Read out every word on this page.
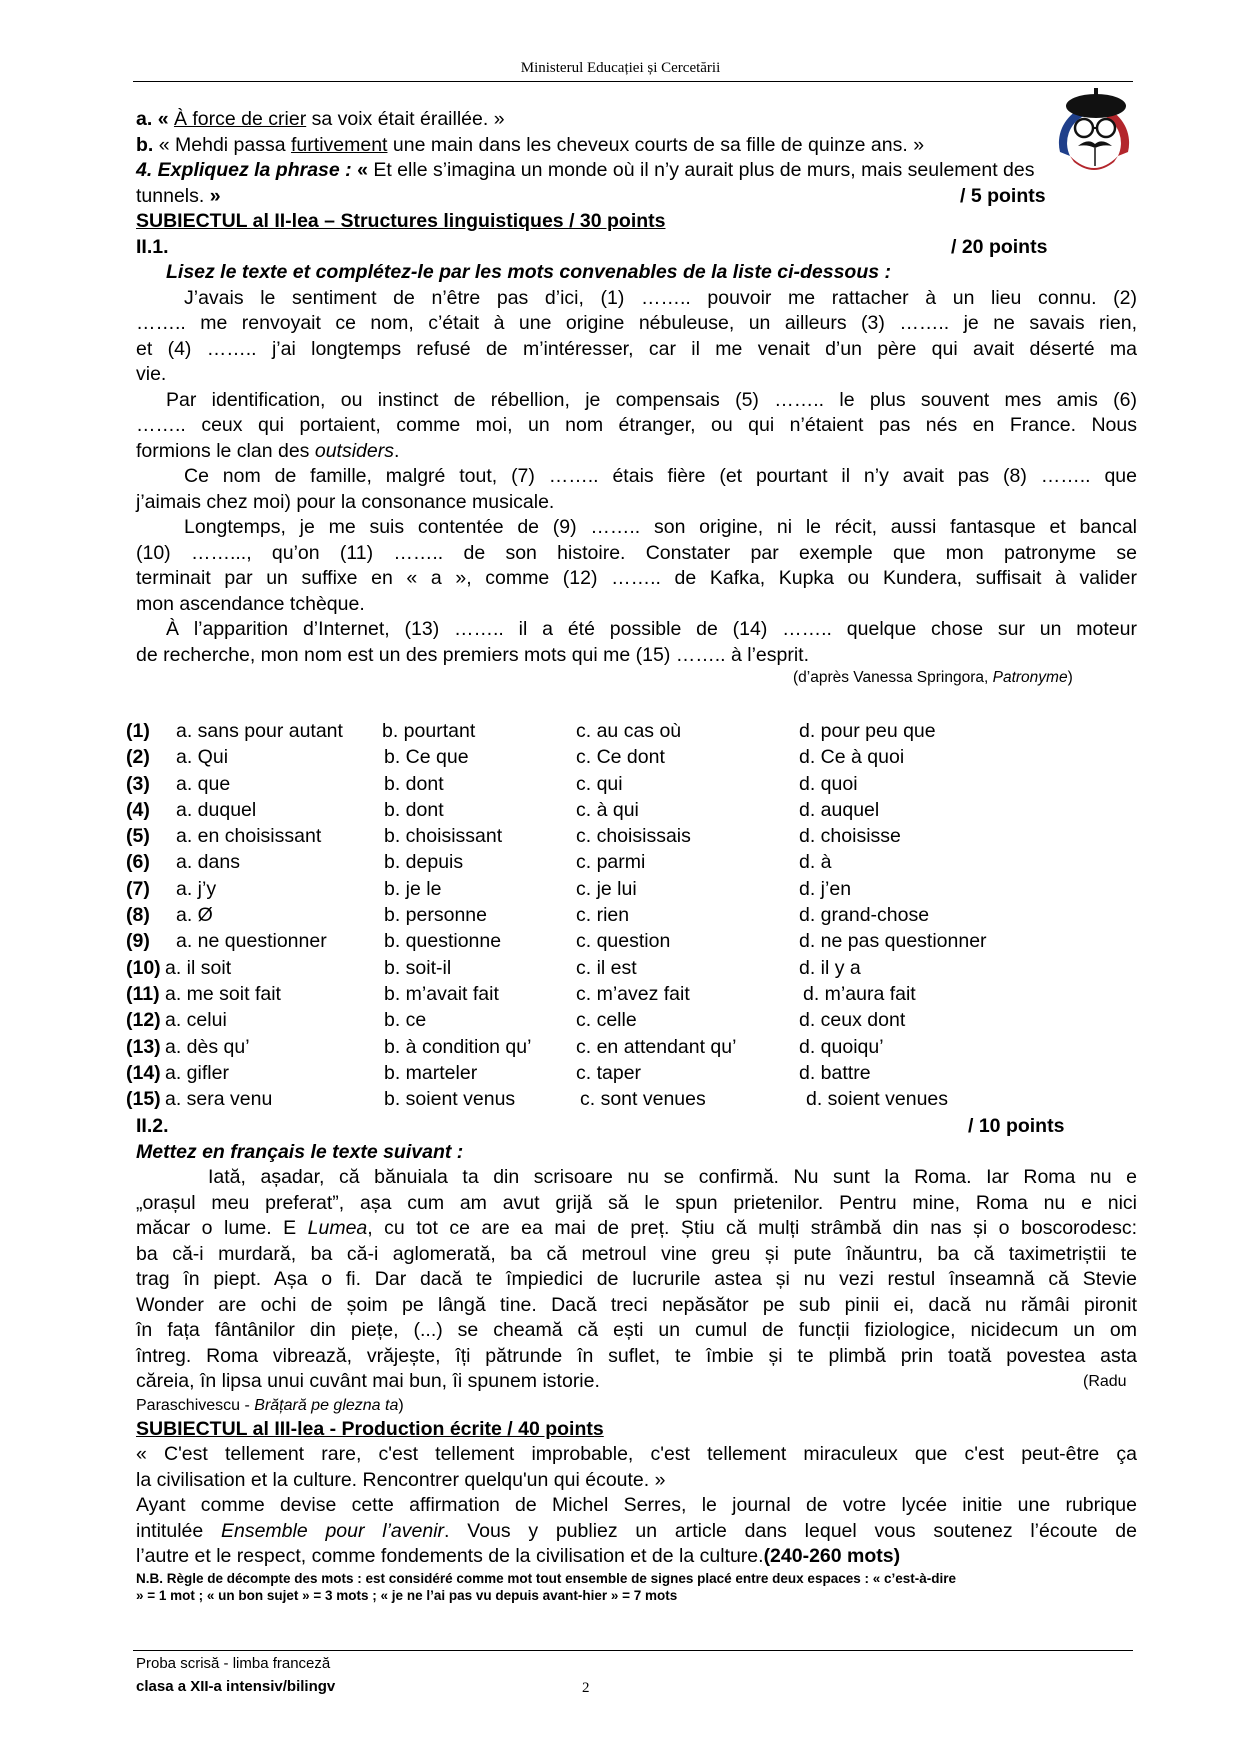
Ministerul Educației și Cercetării
a. « À force de crier sa voix était éraillée. »
b. « Mehdi passa furtivement une main dans les cheveux courts de sa fille de quinze ans. »
4. Expliquez la phrase : « Et elle s’imagina un monde où il n’y aurait plus de murs, mais seulement des
tunnels. »	/ 5 points
SUBIECTUL al II-lea – Structures linguistiques / 30 points
II.1.	/ 20 points
Lisez le texte et complétez-le par les mots convenables de la liste ci-dessous :
J’avais le sentiment de n’être pas d’ici, (1) …….. pouvoir me rattacher à un lieu connu. (2)
…….. me renvoyait ce nom, c’était à une origine nébuleuse, un ailleurs (3) …….. je ne savais rien,
et (4) …….. j’ai longtemps refusé de m’intéresser, car il me venait d’un père qui avait déserté ma
vie.
Par identification, ou instinct de rébellion, je compensais (5) …….. le plus souvent mes amis (6)
…….. ceux qui portaient, comme moi, un nom étranger, ou qui n’étaient pas nés en France. Nous
formions le clan des outsiders.
Ce nom de famille, malgré tout, (7) …….. étais fière (et pourtant il n’y avait pas (8) …….. que
j’aimais chez moi) pour la consonance musicale.
Longtemps, je me suis contentée de (9) …….. son origine, ni le récit, aussi fantasque et bancal
(10) ……..., qu’on (11) …….. de son histoire. Constater par exemple que mon patronyme se
terminait par un suffixe en « a », comme (12) …….. de Kafka, Kupka ou Kundera, suffisait à valider
mon ascendance tchèque.
À l’apparition d’Internet, (13) …….. il a été possible de (14) …….. quelque chose sur un moteur
de recherche, mon nom est un des premiers mots qui me (15) …….. à l’esprit.
(d’après Vanessa Springora, Patronyme)
(1) a. sans pour autant b. pourtant	c. au cas où	d. pour peu que
(2) a. Qui	b. Ce que	c. Ce dont	d. Ce à quoi
(3) a. que	b. dont	c. qui	d. quoi
(4) a. duquel	b. dont	c. à qui	d. auquel
(5) a. en choisissant	b. choisissant	c. choisissais	d. choisisse
(6) a. dans	b. depuis	c. parmi	d. à
(7) a. j’y	b. je le	c. je lui	d. j’en
(8) a. Ø	b. personne	c. rien	d. grand-chose
(9) a. ne questionner	b. questionne	c. question	d. ne pas questionner
(10) a. il soit	b. soit-il	c. il est	d. il y a
(11) a. me soit fait	b. m’avait fait	c. m’avez fait	d. m’aura fait
(12) a. celui	b. ce	c. celle	d. ceux dont
(13) a. dès qu’	b. à condition qu’ c. en attendant qu’	d. quoiqu’
(14) a. gifler	b. marteler	c. taper	d. battre
(15) a. sera venu	b. soient venus	c. sont venues	d. soient venues
II.2.	/ 10 points
Mettez en français le texte suivant :
Iată, așadar, că bănuiala ta din scrisoare nu se confirmă. Nu sunt la Roma. Iar Roma nu e
„orașul meu preferat”, așa cum am avut grijă să le spun prietenilor. Pentru mine, Roma nu e nici
măcar o lume. E Lumea, cu tot ce are ea mai de preț. Știu că mulți strâmbă din nas și o boscorodesc:
ba că-i murdară, ba că-i aglomerată, ba că metroul vine greu și pute înăuntru, ba că taximetriștii te
trag în piept. Așa o fi. Dar dacă te împiedici de lucrurile astea și nu vezi restul înseamnă că Stevie
Wonder are ochi de șoim pe lângă tine. Dacă treci nepăsător pe sub pinii ei, dacă nu rămâi pironit
în fața fântânilor din piețe, (...) se cheamă că ești un cumul de funcții fiziologice, nicidecum un om
întreg. Roma vibrează, vrăjește, îți pătrunde în suflet, te îmbie și te plimbă prin toată povestea asta
căreia, în lipsa unui cuvânt mai bun, îi spunem istorie.	(Radu
Paraschivescu - Brățară pe glezna ta)
SUBIECTUL al III-lea - Production écrite / 40 points
« C'est tellement rare, c'est tellement improbable, c'est tellement miraculeux que c'est peut-être ça
la civilisation et la culture. Rencontrer quelqu'un qui écoute. »
Ayant comme devise cette affirmation de Michel Serres, le journal de votre lycée initie une rubrique
intitulée Ensemble pour l’avenir. Vous y publiez un article dans lequel vous soutenez l’écoute de
l’autre et le respect, comme fondements de la civilisation et de la culture.(240-260 mots)
N.B. Règle de décompte des mots : est considéré comme mot tout ensemble de signes placé entre deux espaces : « c’est-à-dire
» = 1 mot ; « un bon sujet » = 3 mots ; « je ne l’ai pas vu depuis avant-hier » = 7 mots
Proba scrisă - limba franceză
clasa a XII-a intensiv/bilingv	2
